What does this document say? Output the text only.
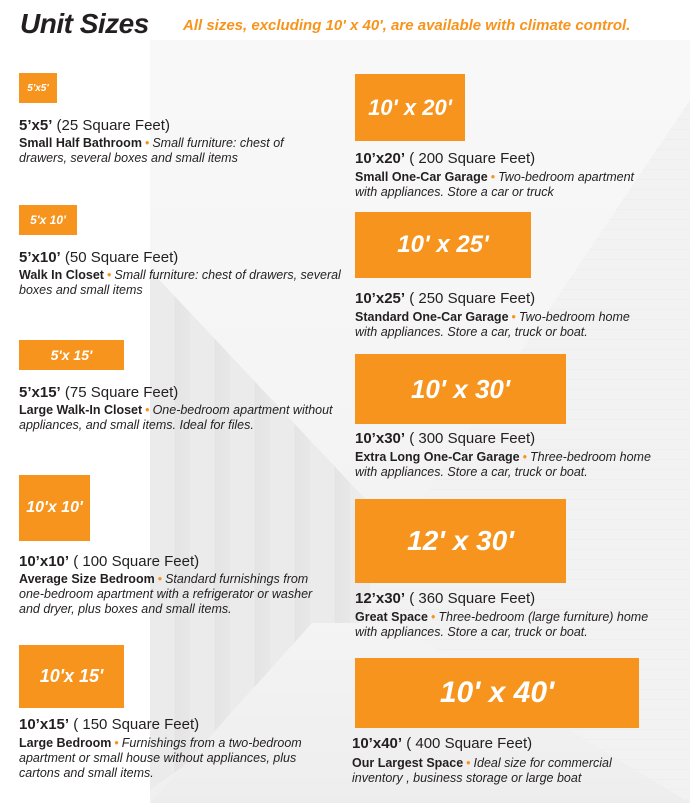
Unit Sizes All sizes, excluding 10' x 40', are available with climate control.
5'x5'
5’x5’ (25 Square Feet)
Small Half Bathroom • Small furniture: chest of drawers, several boxes and small items
5'x 10'
5’x10’ (50 Square Feet)
Walk In Closet • Small furniture: chest of drawers, several boxes and small items
5'x 15'
5’x15’ (75 Square Feet)
Large Walk-In Closet • One-bedroom apartment without appliances, and small items. Ideal for files.
10'x 10'
10’x10’ ( 100 Square Feet)
Average Size Bedroom • Standard furnishings from one-bedroom apartment with a refrigerator or washer and dryer, plus boxes and small items.
10'x 15'
10’x15’ ( 150 Square Feet)
Large Bedroom • Furnishings from a two-bedroom apartment or small house without appliances, plus cartons and small items.
10' x 20'
10’x20’ ( 200 Square Feet)
Small One-Car Garage • Two-bedroom apartment with appliances. Store a car or truck
10' x 25'
10’x25’ ( 250 Square Feet)
Standard One-Car Garage • Two-bedroom home with appliances. Store a car, truck or boat.
10' x 30'
10’x30’ ( 300 Square Feet)
Extra Long One-Car Garage • Three-bedroom home with appliances. Store a car, truck or boat.
12' x 30'
12’x30’ ( 360 Square Feet)
Great Space • Three-bedroom (large furniture) home with appliances. Store a car, truck or boat.
10' x 40'
10’x40’ ( 400 Square Feet)
Our Largest Space • Ideal size for commercial inventory , business storage or large boat
